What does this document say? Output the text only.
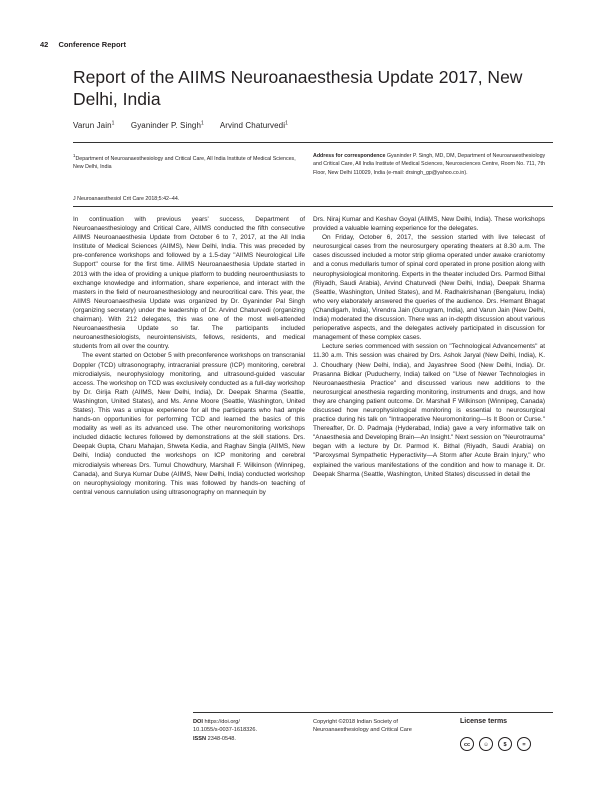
42 Conference Report
Report of the AIIMS Neuroanaesthesia Update 2017, New Delhi, India
Varun Jain$^1$ Gyaninder P. Singh$^1$ Arvind Chaturvedi$^1$
$^1$Department of Neuroanaesthesiology and Critical Care, All India Institute of Medical Sciences, New Delhi, India
Address for correspondence Gyaninder P. Singh, MD, DM, Department of Neuroanaesthesiology and Critical Care, All India Institute of Medical Sciences, Neurosciences Centre, Room No. 711, 7th Floor, New Delhi 110029, India (e-mail: drsingh_gp@yahoo.co.in).
J Neuroanaesthesiol Crit Care 2018;5:42–44.

In continuation with previous years' success, Department of Neuroanaesthesiology and Critical Care, AIIMS conducted the fifth consecutive AIIMS Neuroanaesthesia Update from October 6 to 7, 2017, at the All India Institute of Medical Sciences (AIIMS), New Delhi, India. This was preceded by pre-conference workshops and followed by a 1.5-day "AIIMS Neurological Life Support" course for the first time. AIIMS Neuroanaesthesia Update started in 2013 with the idea of providing a unique platform to budding neuroenthusiasts to exchange knowledge and information, share experience, and interact with the masters in the field of neuroanesthesiology and neurocritical care. This year, the AIIMS Neuroanaesthesia Update was organized by Dr. Gyaninder Pal Singh (organizing secretary) under the leadership of Dr. Arvind Chaturvedi (organizing chairman). With 212 delegates, this was one of the most well-attended Neuroanaesthesia Update so far. The participants included neuroanesthesiologists, neurointensivists, fellows, residents, and medical students from all over the country.

The event started on October 5 with preconference workshops on transcranial Doppler (TCD) ultrasonography, intracranial pressure (ICP) monitoring, cerebral microdialysis, neurophysiology monitoring, and ultrasound-guided vascular access. The workshop on TCD was exclusively conducted as a full-day workshop by Dr. Girija Rath (AIIMS, New Delhi, India), Dr. Deepak Sharma (Seattle, Washington, United States), and Ms. Anne Moore (Seattle, Washington, United States). This was a unique experience for all the participants who had ample hands-on opportunities for performing TCD and learned the basics of this modality as well as its advanced use. The other neuromonitoring workshops included didactic lectures followed by demonstrations at the skill stations. Drs. Deepak Gupta, Charu Mahajan, Shweta Kedia, and Raghav Singla (AIIMS, New Delhi, India) conducted the workshops on ICP monitoring and cerebral microdialysis whereas Drs. Tumul Chowdhury, Marshall F. Wilkinson (Winnipeg, Canada), and Surya Kumar Dube (AIIMS, New Delhi, India) conducted workshop on neurophysiology monitoring. This was followed by hands-on teaching of central venous cannulation using ultrasonography on mannequin by

Drs. Niraj Kumar and Keshav Goyal (AIIMS, New Delhi, India). These workshops provided a valuable learning experience for the delegates.

On Friday, October 6, 2017, the session started with live telecast of neurosurgical cases from the neurosurgery operating theaters at 8.30 a.m. The cases discussed included a motor strip glioma operated under awake craniotomy and a conus medullaris tumor of spinal cord operated in prone position along with neurophysiological monitoring. Experts in the theater included Drs. Parmod Bithal (Riyadh, Saudi Arabia), Arvind Chaturvedi (New Delhi, India), Deepak Sharma (Seattle, Washington, United States), and M. Radhakrishanan (Bengaluru, India) who very elaborately answered the queries of the audience. Drs. Hemant Bhagat (Chandigarh, India), Virendra Jain (Gurugram, India), and Varun Jain (New Delhi, India) moderated the discussion. There was an in-depth discussion about various perioperative aspects, and the delegates actively participated in discussion for management of these complex cases.

Lecture series commenced with session on "Technological Advancements" at 11.30 a.m. This session was chaired by Drs. Ashok Jaryal (New Delhi, India), K. J. Choudhary (New Delhi, India), and Jayashree Sood (New Delhi, India). Dr. Prasanna Bidkar (Puducherry, India) talked on "Use of Newer Technologies in Neuroanaesthesia Practice" and discussed various new additions to the neurosurgical anesthesia regarding monitoring, instruments and drugs, and how they are changing patient outcome. Dr. Marshall F Wilkinson (Winnipeg, Canada) discussed how neurophysiological monitoring is essential to neurosurgical practice during his talk on "Intraoperative Neuromonitoring—Is It Boon or Curse." Thereafter, Dr. D. Padmaja (Hyderabad, India) gave a very informative talk on "Anaesthesia and Developing Brain—An Insight." Next session on "Neurotrauma" began with a lecture by Dr. Parmod K. Bithal (Riyadh, Saudi Arabia) on "Paroxysmal Sympathetic Hyperactivity—A Storm after Acute Brain Injury," who explained the various manifestations of the condition and how to manage it. Dr. Deepak Sharma (Seattle, Washington, United States) discussed in detail the

DOI https://doi.org/
10.1055/s-0037-1618326.
ISSN 2348-0548.
Copyright ©2018 Indian Society of Neuroanaesthesiology and Critical Care
License terms
cc	☺	$	=
